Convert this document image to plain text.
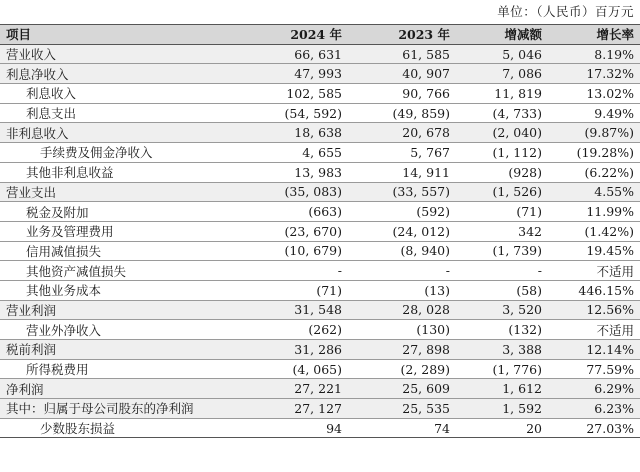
单位：（人民币）百万元
项目	2024 年	2023 年	增减额	增长率
营业收入	66, 631	61, 585	5, 046	8.19%
利息净收入	47, 993	40, 907	7, 086	17.32%
利息收入	102, 585	90, 766	11, 819	13.02%
利息支出	(54, 592)	(49, 859)	(4, 733)	9.49%
非利息收入	18, 638	20, 678	(2, 040)	(9.87%)
手续费及佣金净收入	4, 655	5, 767	(1, 112)	(19.28%)
其他非利息收益	13, 983	14, 911	(928)	(6.22%)
营业支出	(35, 083)	(33, 557)	(1, 526)	4.55%
税金及附加	(663)	(592)	(71)	11.99%
业务及管理费用	(23, 670)	(24, 012)	342	(1.42%)
信用减值损失	(10, 679)	(8, 940)	(1, 739)	19.45%
其他资产减值损失	-	-	-	不适用
其他业务成本	(71)	(13)	(58)	446.15%
营业利润	31, 548	28, 028	3, 520	12.56%
营业外净收入	(262)	(130)	(132)	不适用
税前利润	31, 286	27, 898	3, 388	12.14%
所得税费用	(4, 065)	(2, 289)	(1, 776)	77.59%
净利润	27, 221	25, 609	1, 612	6.29%
其中：归属于母公司股东的净利润	27, 127	25, 535	1, 592	6.23%
少数股东损益	94	74	20	27.03%
